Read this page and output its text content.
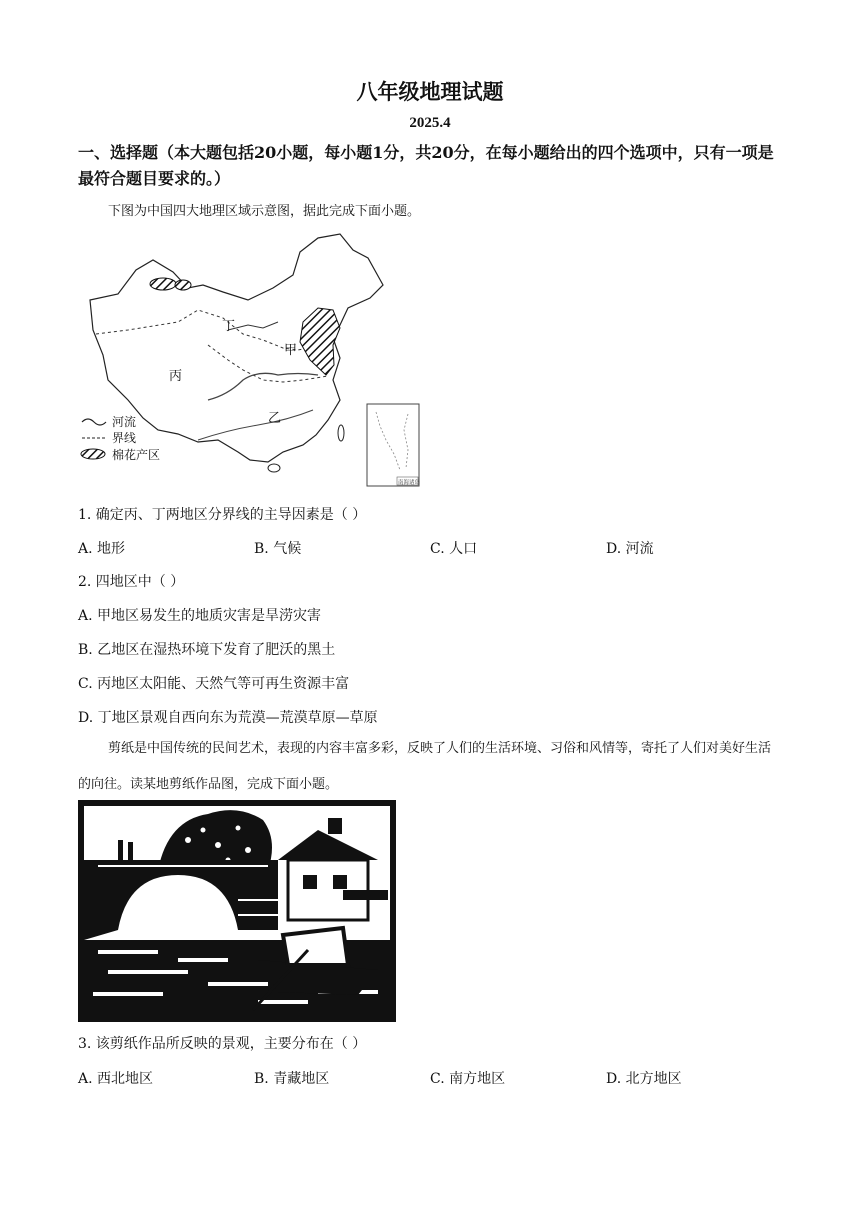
八年级地理试题
2025.4
一、选择题（本大题包括20小题，每小题1分，共20分，在每小题给出的四个选项中，只有一项是最符合题目要求的。）
下图为中国四大地理区域示意图，据此完成下面小题。
丁
甲
丙
乙
河流
界线
棉花产区
南海诸岛
1. 确定丙、丁两地区分界线的主导因素是（ ）
A. 地形	B. 气候	C. 人口	D. 河流
2. 四地区中（ ）
A. 甲地区易发生的地质灾害是旱涝灾害
B. 乙地区在湿热环境下发育了肥沃的黑土
C. 丙地区太阳能、天然气等可再生资源丰富
D. 丁地区景观自西向东为荒漠—荒漠草原—草原
剪纸是中国传统的民间艺术，表现的内容丰富多彩，反映了人们的生活环境、习俗和风情等，寄托了人们对美好生活的向往。读某地剪纸作品图，完成下面小题。
3. 该剪纸作品所反映的景观，主要分布在（ ）
A. 西北地区	B. 青藏地区	C. 南方地区	D. 北方地区
